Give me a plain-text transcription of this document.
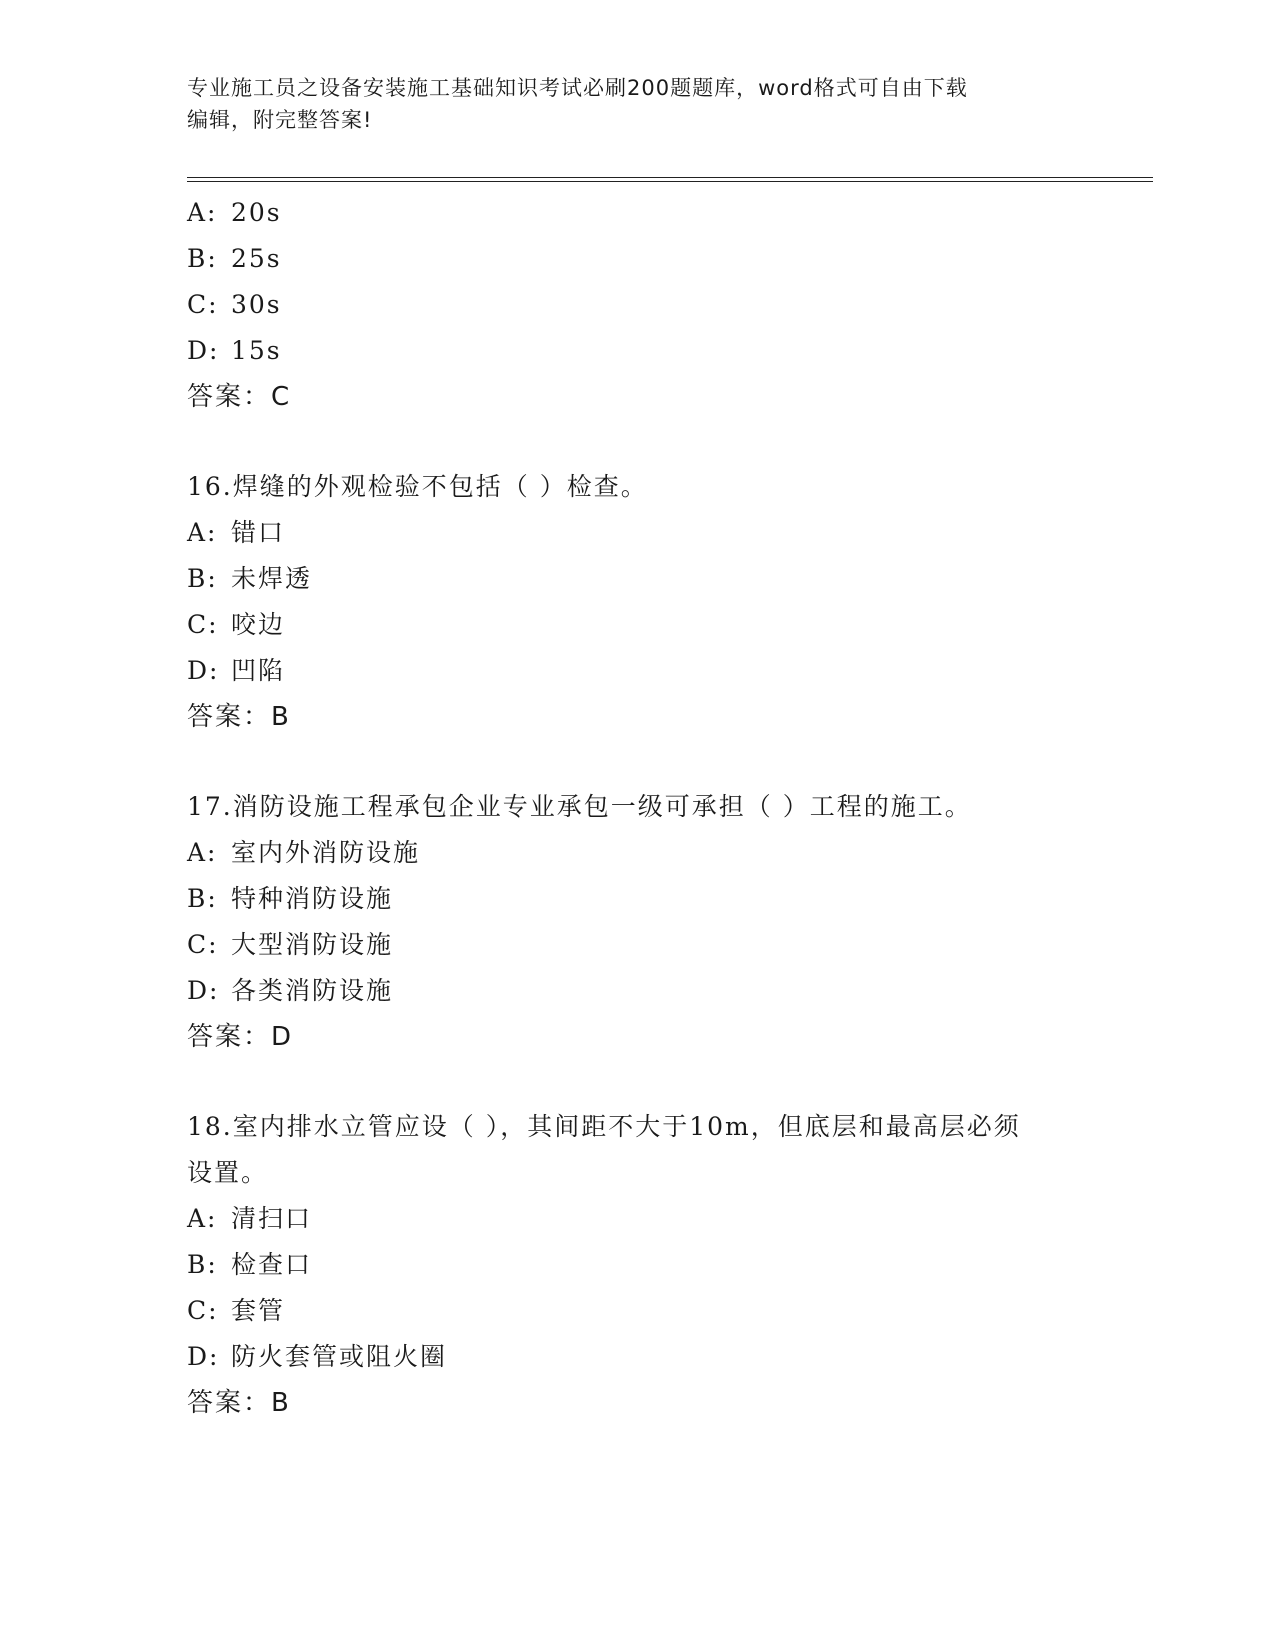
专业施工员之设备安装施工基础知识考试必刷200题题库，word格式可自由下载
编辑，附完整答案!
A: 20s
B: 25s
C: 30s
D: 15s
答案：C
16.焊缝的外观检验不包括（ ）检查。
A: 错口
B: 未焊透
C: 咬边
D: 凹陷
答案：B
17.消防设施工程承包企业专业承包一级可承担（ ）工程的施工。
A: 室内外消防设施
B: 特种消防设施
C: 大型消防设施
D: 各类消防设施
答案：D
18.室内排水立管应设（ ），其间距不大于10m，但底层和最高层必须
设置。
A: 清扫口
B: 检查口
C: 套管
D: 防火套管或阻火圈
答案：B
